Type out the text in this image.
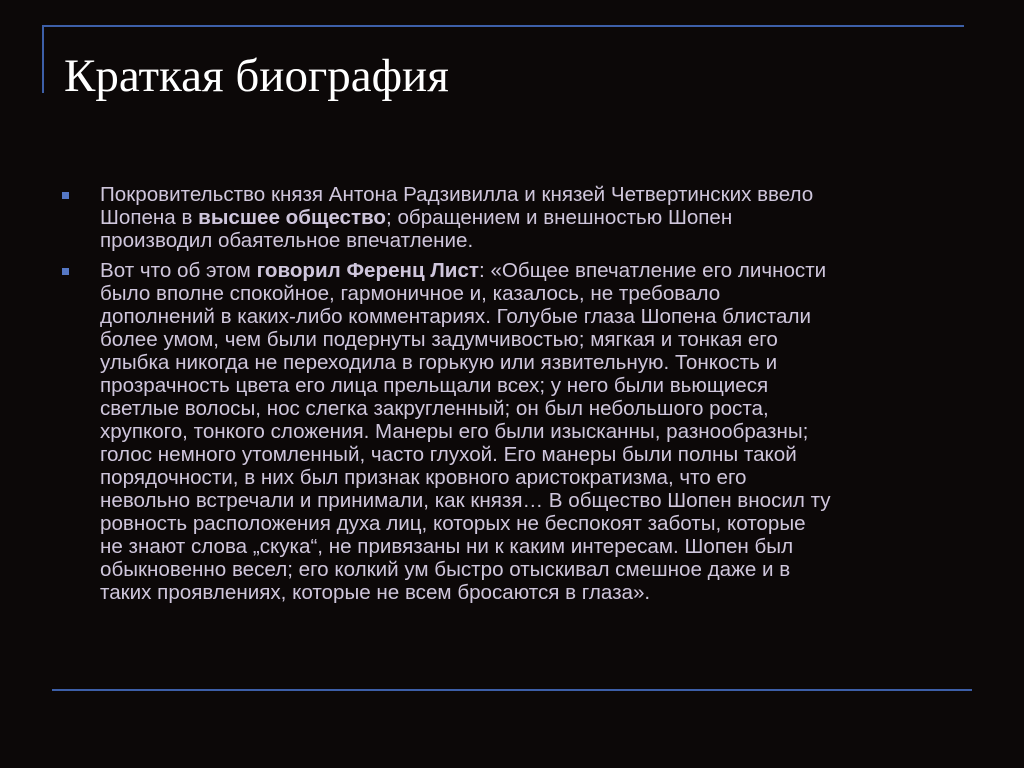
Краткая биография
Покровительство князя Антона Радзивилла и князей Четвертинских ввело
Шопена в высшее общество; обращением и внешностью Шопен
производил обаятельное впечатление.
Вот что об этом говорил Ференц Лист: «Общее впечатление его личности
было вполне спокойное, гармоничное и, казалось, не требовало
дополнений в каких-либо комментариях. Голубые глаза Шопена блистали
более умом, чем были подернуты задумчивостью; мягкая и тонкая его
улыбка никогда не переходила в горькую или язвительную. Тонкость и
прозрачность цвета его лица прельщали всех; у него были вьющиеся
светлые волосы, нос слегка закругленный; он был небольшого роста,
хрупкого, тонкого сложения. Манеры его были изысканны, разнообразны;
голос немного утомленный, часто глухой. Его манеры были полны такой
порядочности, в них был признак кровного аристократизма, что его
невольно встречали и принимали, как князя… В общество Шопен вносил ту
ровность расположения духа лиц, которых не беспокоят заботы, которые
не знают слова „скука“, не привязаны ни к каким интересам. Шопен был
обыкновенно весел; его колкий ум быстро отыскивал смешное даже и в
таких проявлениях, которые не всем бросаются в глаза».
